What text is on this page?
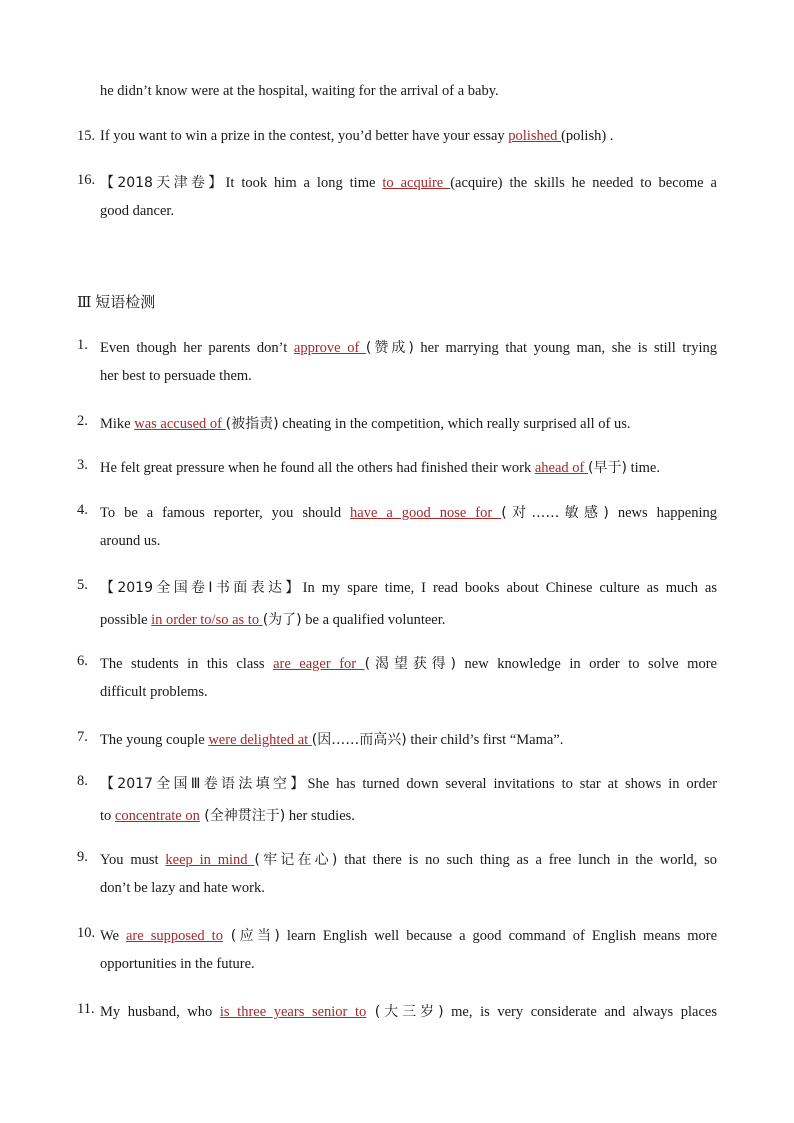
Ⅲ 短语检测
he didn’t know were at the hospital, waiting for the arrival of a baby.
15. If you want to win a prize in the contest, you’d better have your essay polished (polish) .
16. 【2018天津卷】It took him a long time to acquire (acquire) the skills he needed to become a
good dancer.
1. Even though her parents don’t approve of (赞成) her marrying that young man, she is still trying
her best to persuade them.
2. Mike was accused of (被指责) cheating in the competition, which really surprised all of us.
3. He felt great pressure when he found all the others had finished their work ahead of (早于) time.
4. To be a famous reporter, you should have a good nose for (对……敏感) news happening
around us.
5. 【2019全国卷Ⅰ书面表达】In my spare time, I read books about Chinese culture as much as
possible in order to/so as to (为了) be a qualified volunteer.
6. The students in this class are eager for (渴望获得) new knowledge in order to solve more
difficult problems.
7. The young couple were delighted at (因……而高兴) their child’s first “Mama”.
8. 【2017全国Ⅲ卷语法填空】She has turned down several invitations to star at shows in order
to concentrate on (全神贯注于) her studies.
9. You must keep in mind (牢记在心) that there is no such thing as a free lunch in the world, so
don’t be lazy and hate work.
10. We are supposed to (应当) learn English well because a good command of English means more
opportunities in the future.
11. My husband, who is three years senior to (大三岁) me, is very considerate and always places
